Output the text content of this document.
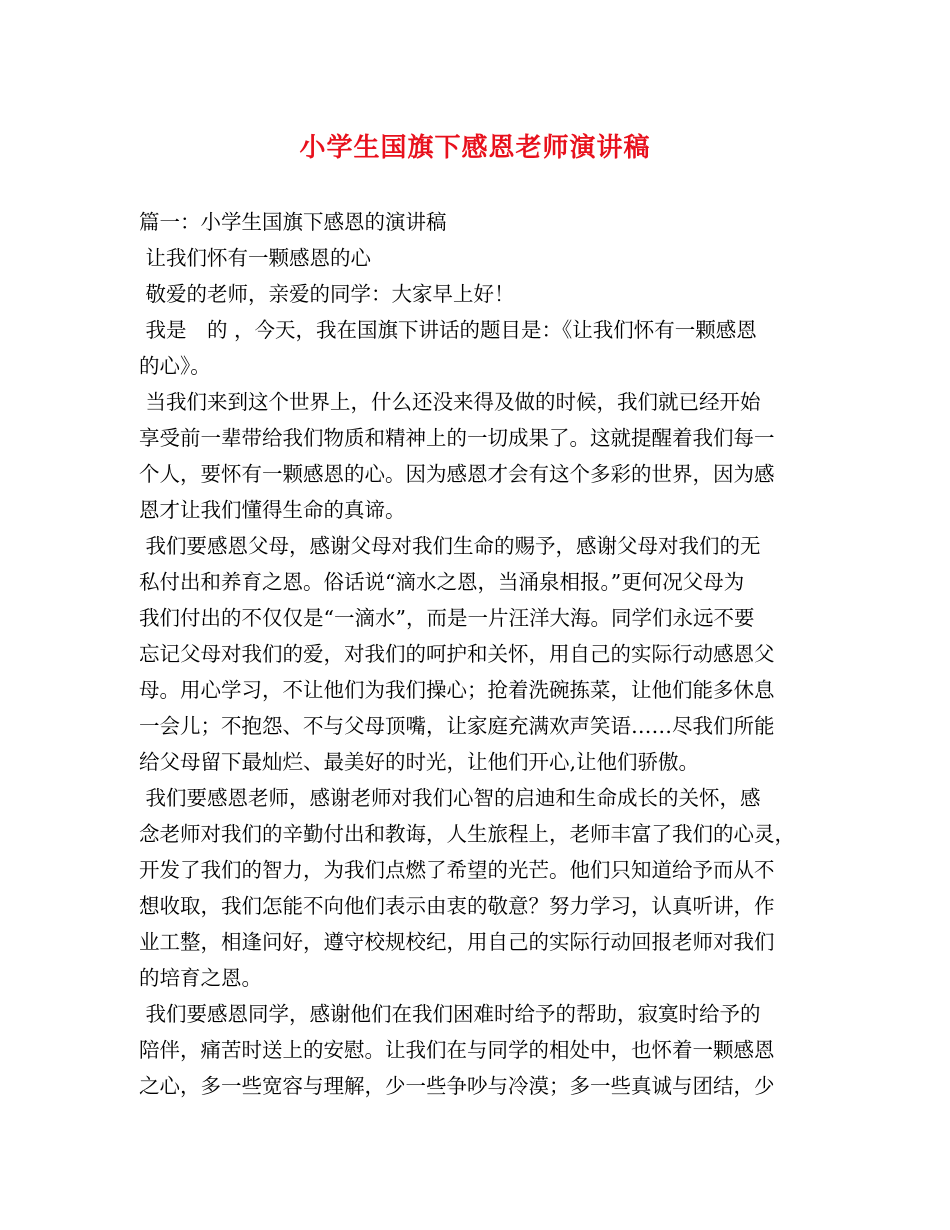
小学生国旗下感恩老师演讲稿
篇一：小学生国旗下感恩的演讲稿
让我们怀有一颗感恩的心
敬爱的老师，亲爱的同学：大家早上好！
我是　的 ，今天，我在国旗下讲话的题目是：《让我们怀有一颗感恩
的心》。
当我们来到这个世界上，什么还没来得及做的时候，我们就已经开始
享受前一辈带给我们物质和精神上的一切成果了。这就提醒着我们每一
个人，要怀有一颗感恩的心。因为感恩才会有这个多彩的世界，因为感
恩才让我们懂得生命的真谛。
我们要感恩父母，感谢父母对我们生命的赐予，感谢父母对我们的无
私付出和养育之恩。俗话说“滴水之恩，当涌泉相报。”更何况父母为
我们付出的不仅仅是“一滴水”，而是一片汪洋大海。同学们永远不要
忘记父母对我们的爱，对我们的呵护和关怀，用自己的实际行动感恩父
母。用心学习，不让他们为我们操心；抢着洗碗拣菜，让他们能多休息
一会儿；不抱怨、不与父母顶嘴，让家庭充满欢声笑语……尽我们所能
给父母留下最灿烂、最美好的时光，让他们开心,让他们骄傲。
我们要感恩老师，感谢老师对我们心智的启迪和生命成长的关怀，感
念老师对我们的辛勤付出和教诲，人生旅程上，老师丰富了我们的心灵，
开发了我们的智力，为我们点燃了希望的光芒。他们只知道给予而从不
想收取，我们怎能不向他们表示由衷的敬意？努力学习，认真听讲，作
业工整，相逢问好，遵守校规校纪，用自己的实际行动回报老师对我们
的培育之恩。
我们要感恩同学，感谢他们在我们困难时给予的帮助，寂寞时给予的
陪伴，痛苦时送上的安慰。让我们在与同学的相处中，也怀着一颗感恩
之心，多一些宽容与理解，少一些争吵与冷漠；多一些真诚与团结，少
